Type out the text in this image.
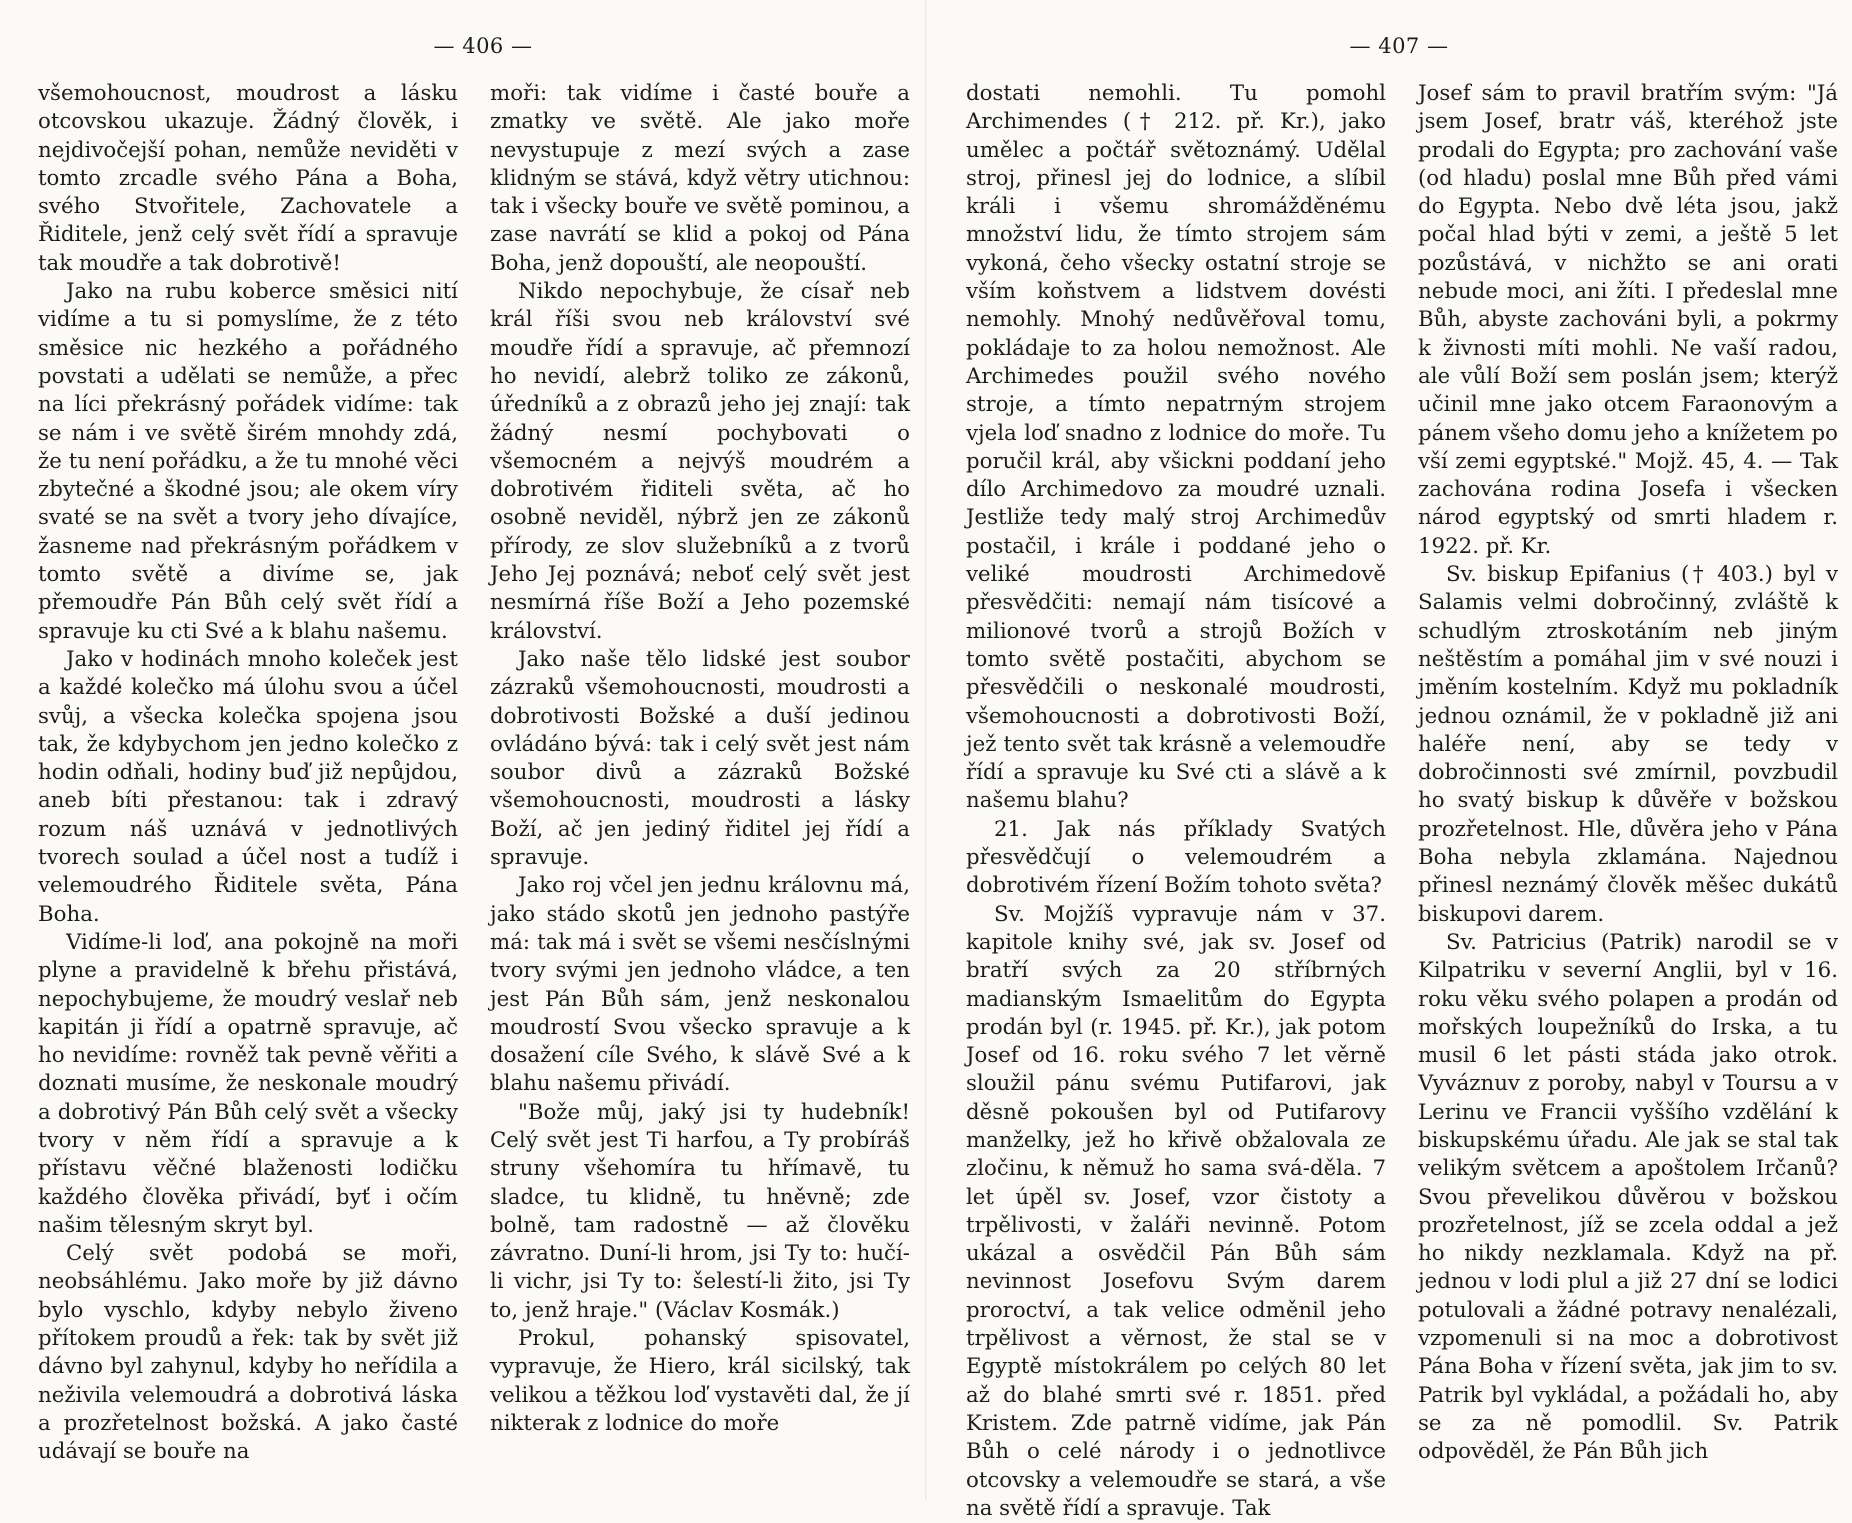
— 406 —

všemohoucnost, moudrost a lásku otcovskou ukazuje. Žádný člověk, i nejdivočejší pohan, nemůže neviděti v tomto zrcadle svého Pána a Boha, svého Stvořitele, Zachovatele a Řiditele, jenž celý svět řídí a spravuje tak moudře a tak dobrotivě!

Jako na rubu koberce směsici nití vidíme a tu si pomyslíme, že z této směsice nic hezkého a pořádného povstati a udělati se nemůže, a přec na líci překrásný pořádek vidíme: tak se nám i ve světě širém mnohdy zdá, že tu není pořádku, a že tu mnohé věci zbytečné a škodné jsou; ale okem víry svaté se na svět a tvory jeho dívajíce, žasneme nad překrásným pořádkem v tomto světě a divíme se, jak přemoudře Pán Bůh celý svět řídí a spravuje ku cti Své a k blahu našemu.

Jako v hodinách mnoho koleček jest a každé kolečko má úlohu svou a účel svůj, a všecka kolečka spojena jsou tak, že kdybychom jen jedno kolečko z hodin odňali, hodiny buď již nepůjdou, aneb bíti přestanou: tak i zdravý rozum náš uznává v jednotlivých tvorech soulad a účel nost a tudíž i velemoudrého Řiditele světa, Pána Boha.

Vidíme-li loď, ana pokojně na moři plyne a pravidelně k břehu přistává, nepochybujeme, že moudrý veslař neb kapitán ji řídí a opatrně spravuje, ač ho nevidíme: rovněž tak pevně věřiti a doznati musíme, že neskonale moudrý a dobrotivý Pán Bůh celý svět a všecky tvory v něm řídí a spravuje a k přístavu věčné blaženosti lodičku každého člověka přivádí, byť i očím našim tělesným skryt byl.

Celý svět podobá se moři, neobsáhlému. Jako moře by již dávno bylo vyschlo, kdyby nebylo živeno přítokem proudů a řek: tak by svět již dávno byl zahynul, kdyby ho neřídila a neživila velemoudrá a dobrotivá láska a prozřetelnost božská. A jako časté udávají se bouře na

moři: tak vidíme i časté bouře a zmatky ve světě. Ale jako moře nevystupuje z mezí svých a zase klidným se stává, když větry utichnou: tak i všecky bouře ve světě pominou, a zase navrátí se klid a pokoj od Pána Boha, jenž dopouští, ale neopouští.

Nikdo nepochybuje, že císař neb král říši svou neb království své moudře řídí a spravuje, ač přemnozí ho nevidí, alebrž toliko ze zákonů, úředníků a z obrazů jeho jej znají: tak žádný nesmí pochybovati o všemocném a nejvýš moudrém a dobrotivém řiditeli světa, ač ho osobně neviděl, nýbrž jen ze zákonů přírody, ze slov služebníků a z tvorů Jeho Jej poznává; neboť celý svět jest nesmírná říše Boží a Jeho pozemské království.

Jako naše tělo lidské jest soubor zázraků všemohoucnosti, moudrosti a dobrotivosti Božské a duší jedinou ovládáno bývá: tak i celý svět jest nám soubor divů a zázraků Božské všemohoucnosti, moudrosti a lásky Boží, ač jen jediný řiditel jej řídí a spravuje.

Jako roj včel jen jednu královnu má, jako stádo skotů jen jednoho pastýře má: tak má i svět se všemi nesčíslnými tvory svými jen jednoho vládce, a ten jest Pán Bůh sám, jenž neskonalou moudrostí Svou všecko spravuje a k dosažení cíle Svého, k slávě Své a k blahu našemu přivádí.

"Bože můj, jaký jsi ty hudebník! Celý svět jest Ti harfou, a Ty probíráš struny všehomíra tu hřímavě, tu sladce, tu klidně, tu hněvně; zde bolně, tam radostně — až člověku závratno. Duní-li hrom, jsi Ty to: hučí-li vichr, jsi Ty to: šelestí-li žito, jsi Ty to, jenž hraje." (Václav Kosmák.)

Prokul, pohanský spisovatel, vypravuje, že Hiero, král sicilský, tak velikou a těžkou loď vystavěti dal, že jí nikterak z lodnice do moře

— 407 —

dostati nemohli. Tu pomohl Archimendes († 212. př. Kr.), jako umělec a počtář světoznámý. Udělal stroj, přinesl jej do lodnice, a slíbil králi i všemu shromážděnému množství lidu, že tímto strojem sám vykoná, čeho všecky ostatní stroje se vším koňstvem a lidstvem dovésti nemohly. Mnohý nedůvěřoval tomu, pokládaje to za holou nemožnost. Ale Archimedes použil svého nového stroje, a tímto nepatrným strojem vjela loď snadno z lodnice do moře. Tu poručil král, aby všickni poddaní jeho dílo Archimedovo za moudré uznali. Jestliže tedy malý stroj Archimedův postačil, i krále i poddané jeho o veliké moudrosti Archimedově přesvědčiti: nemají nám tisícové a milionové tvorů a strojů Božích v tomto světě postačiti, abychom se přesvědčili o neskonalé moudrosti, všemohoucnosti a dobrotivosti Boží, jež tento svět tak krásně a velemoudře řídí a spravuje ku Své cti a slávě a k našemu blahu?

21. Jak nás příklady Svatých přesvědčují o velemoudrém a dobrotivém řízení Božím tohoto světa?

Sv. Mojžíš vypravuje nám v 37. kapitole knihy své, jak sv. Josef od bratří svých za 20 stříbrných madianským Ismaelitům do Egypta prodán byl (r. 1945. př. Kr.), jak potom Josef od 16. roku svého 7 let věrně sloužil pánu svému Putifarovi, jak děsně pokoušen byl od Putifarovy manželky, jež ho křivě obžalovala ze zločinu, k němuž ho sama svá-děla. 7 let úpěl sv. Josef, vzor čistoty a trpělivosti, v žaláři nevinně. Potom ukázal a osvědčil Pán Bůh sám nevinnost Josefovu Svým darem proroctví, a tak velice odměnil jeho trpělivost a věrnost, že stal se v Egyptě místokrálem po celých 80 let až do blahé smrti své r. 1851. před Kristem. Zde patrně vidíme, jak Pán Bůh o celé národy i o jednotlivce otcovsky a velemoudře se stará, a vše na světě řídí a spravuje. Tak

Josef sám to pravil bratřím svým: "Já jsem Josef, bratr váš, kteréhož jste prodali do Egypta; pro zachování vaše (od hladu) poslal mne Bůh před vámi do Egypta. Nebo dvě léta jsou, jakž počal hlad býti v zemi, a ještě 5 let pozůstává, v nichžto se ani orati nebude moci, ani žíti. I předeslal mne Bůh, abyste zachováni byli, a pokrmy k živnosti míti mohli. Ne vaší radou, ale vůlí Boží sem poslán jsem; kterýž učinil mne jako otcem Faraonovým a pánem všeho domu jeho a knížetem po vší zemi egyptské." Mojž. 45, 4. — Tak zachována rodina Josefa i všecken národ egyptský od smrti hladem r. 1922. př. Kr.

Sv. biskup Epifanius († 403.) byl v Salamis velmi dobročinný, zvláště k schudlým ztroskotáním neb jiným neštěstím a pomáhal jim v své nouzi i jměním kostelním. Když mu pokladník jednou oznámil, že v pokladně již ani haléře není, aby se tedy v dobročinnosti své zmírnil, povzbudil ho svatý biskup k důvěře v božskou prozřetelnost. Hle, důvěra jeho v Pána Boha nebyla zklamána. Najednou přinesl neznámý člověk měšec dukátů biskupovi darem.

Sv. Patricius (Patrik) narodil se v Kilpatriku v severní Anglii, byl v 16. roku věku svého polapen a prodán od mořských loupežníků do Irska, a tu musil 6 let pásti stáda jako otrok. Vyváznuv z poroby, nabyl v Toursu a v Lerinu ve Francii vyššího vzdělání k biskupskému úřadu. Ale jak se stal tak velikým světcem a apoštolem Irčanů? Svou převelikou důvěrou v božskou prozřetelnost, jíž se zcela oddal a jež ho nikdy nezklamala. Když na př. jednou v lodi plul a již 27 dní se lodici potulovali a žádné potravy nenalézali, vzpomenuli si na moc a dobrotivost Pána Boha v řízení světa, jak jim to sv. Patrik byl vykládal, a požádali ho, aby se za ně pomodlil. Sv. Patrik odpověděl, že Pán Bůh jich
